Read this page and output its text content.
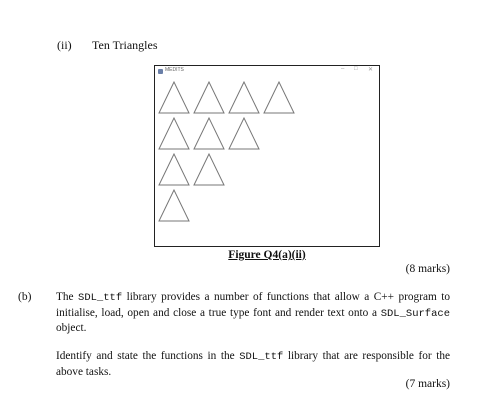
(ii) Ten Triangles
MEDITS	– □ ✕
Figure Q4(a)(ii)
(8 marks)
(b) The SDL_ttf library provides a number of functions that allow a C++ program to initialise, load, open and close a true type font and render text onto a SDL_Surface object.
Identify and state the functions in the SDL_ttf library that are responsible for the above tasks.
(7 marks)
